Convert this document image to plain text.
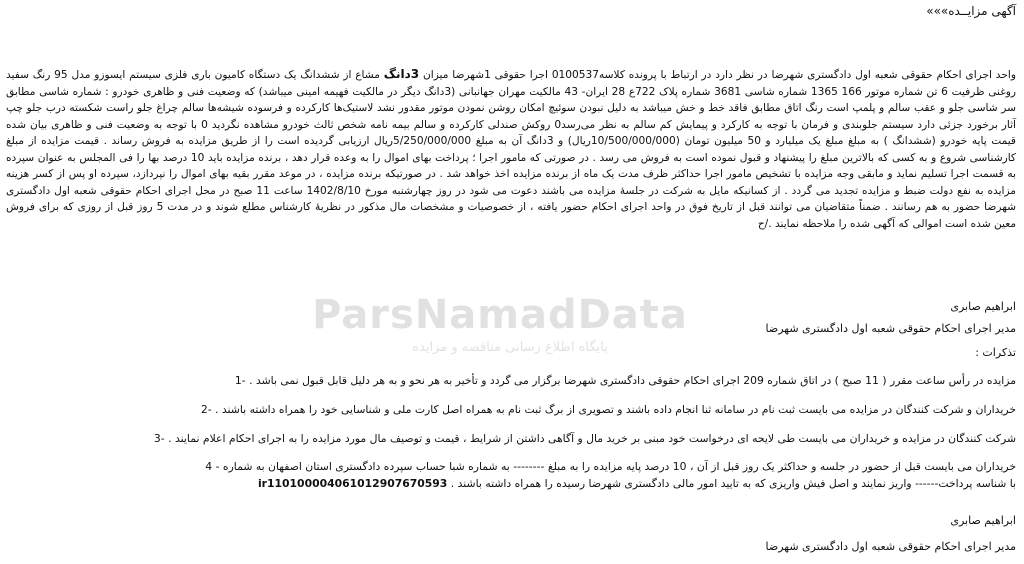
آگهی مزایــده»»»
واحد اجرای احکام حقوقی شعبه اول دادگستری شهرضا در نظر دارد در ارتباط با پرونده کلاسه0100537 اجرا حقوقی 1شهرضا میزان 3دانگ مشاع از ششدانگ یک دستگاه کامیون باری فلزی سیستم ایسوزو مدل 95 رنگ سفید روغنی ظرفیت 6 تن شماره موتور 166 1365 شماره شاسی 3681 شماره پلاک 722ع 28 ایران- 43 مالکیت مهران جهانبانی (3دانگ دیگر در مالکیت فهیمه امینی میباشد) که وضعیت فنی و ظاهری خودرو : شماره شاسی مطابق سر شاسی جلو و عقب سالم و پلمپ است رنگ اتاق مطابق فاقد خط و خش میباشد به دلیل نبودن سوئیچ امکان روشن نمودن موتور مقدور نشد لاستیک‌ها کارکرده و فرسوده شیشه‌ها سالم چراغ جلو راست شکسته درب جلو چپ آثار برخورد جزئی دارد سیستم جلوبندی و فرمان با توجه به کارکرد و پیمایش کم سالم به نظر می‌رسد0 روکش صندلی کارکرده و سالم بیمه نامه شخص ثالث خودرو مشاهده نگردید 0 با توجه به وضعیت فنی و ظاهری بیان شده قیمت پایه خودرو (ششدانگ ) به مبلغ مبلغ یک میلیارد و 50 میلیون تومان (10/500/000/000ریال) و 3دانگ آن به مبلغ 5/250/000/000ریال ارزیابی گردیده است را از طریق مزایده به فروش رساند . قیمت مزایده از مبلغ کارشناسی شروع و به کسی که بالاترین مبلغ را پیشنهاد و قبول نموده است به فروش می رسد . در صورتی که مامور اجرا ؛ پرداخت بهای اموال را به وعده قرار دهد ، برنده مزایده باید 10 درصد بها را فی المجلس به عنوان سپرده به قسمت اجرا تسلیم نماید و مابقی وجه مزایده با تشخیص مامور اجرا حداکثر ظرف مدت یک ماه از برنده مزایده اخذ خواهد شد . در صورتیکه برنده مزایده ، در موعد مقرر بقیه بهای اموال را نپردازد، سپرده او پس از کسر هزینه مزایده به نفع دولت ضبط و مزایده تجدید می گردد . از کسانیکه مایل به شرکت در جلسهٔ مزایده می باشند دعوت می شود در روز چهارشنبه مورخ 1402/8/10 ساعت 11 صبح در محل اجرای احکام حقوقی شعبه اول دادگستری شهرضا حضور به هم رسانند . ضمناً متقاضیان می توانند قبل از تاریخ فوق در واحد اجرای احکام حضور یافته ، از خصوصیات و مشخصات مال مذکور در نظریهٔ کارشناس مطلع شوند و در مدت 5 روز قبل از روزی که برای فروش معین شده است اموالی که آگهی شده را ملاحظه نمایند ./ح
ابراهیم صابری
مدیر اجرای احکام حقوقی شعبه اول دادگستری شهرضا
ParsNamadData
پایگاه اطلاع رسانی مناقصه و مزایده	تذکرات :
مزایده در رأس ساعت مقرر ( 11 صبح ) در اتاق شماره 209 اجرای احکام حقوقی دادگستری شهرضا برگزار می گردد و تأخیر به هر نحو و به هر دلیل قابل قبول نمی باشد . -1
خریداران و شرکت کنندگان در مزایده می بایست ثبت نام در سامانه ثنا انجام داده باشند و تصویری از برگ ثبت نام به همراه اصل کارت ملی و شناسایی خود را همراه داشته باشند . -2
شرکت کنندگان در مزایده و خریداران می بایست طی لایحه ای درخواست خود مبنی بر خرید مال و آگاهی داشتن از شرایط ، قیمت و توصیف مال مورد مزایده را به اجرای احکام اعلام نمایند . -3
خریداران می بایست قبل از حضور در جلسه و حداکثر یک روز قبل از آن ، 10 درصد پایه مزایده را به مبلغ -------- به شماره شبا حساب سپرده دادگستری استان اصفهان به شماره - 4
با شناسه پرداخت------ واریز نمایند و اصل فیش واریزی که به تایید امور مالی دادگستری شهرضا رسیده را همراه داشته باشند . ir110100004061012907670593
ابراهیم صابری
مدیر اجرای احکام حقوقی شعبه اول دادگستری شهرضا
